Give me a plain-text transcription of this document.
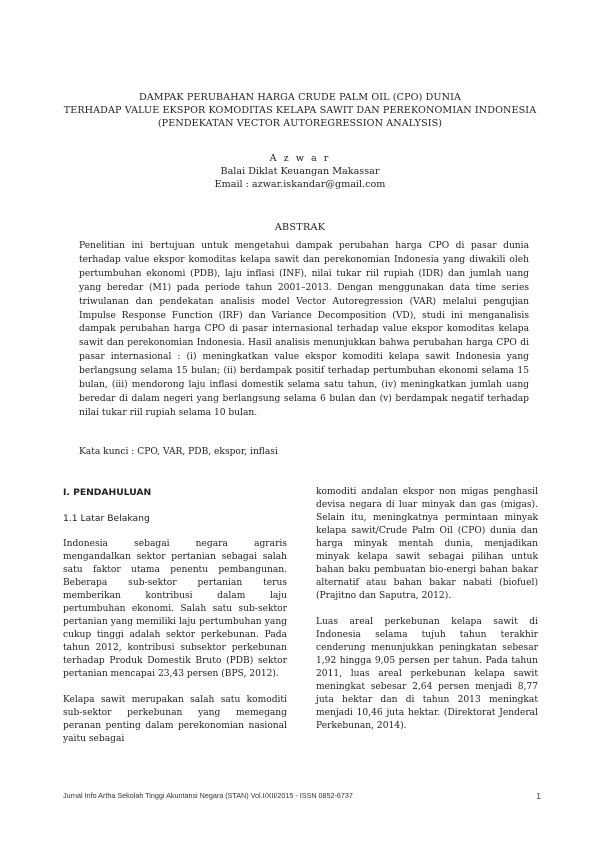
DAMPAK PERUBAHAN HARGA CRUDE PALM OIL (CPO) DUNIA
TERHADAP VALUE EKSPOR KOMODITAS KELAPA SAWIT DAN PEREKONOMIAN INDONESIA
(PENDEKATAN VECTOR AUTOREGRESSION ANALYSIS)
A z w a r
Balai Diklat Keuangan Makassar
Email : azwar.iskandar@gmail.com
ABSTRAK

Penelitian ini bertujuan untuk mengetahui dampak perubahan harga CPO di pasar dunia terhadap value ekspor komoditas kelapa sawit dan perekonomian Indonesia yang diwakili oleh pertumbuhan ekonomi (PDB), laju inflasi (INF), nilai tukar riil rupiah (IDR) dan jumlah uang yang beredar (M1) pada periode tahun 2001–2013. Dengan menggunakan data time series triwulanan dan pendekatan analisis model Vector Autoregression (VAR) melalui pengujian Impulse Response Function (IRF) dan Variance Decomposition (VD), studi ini menganalisis dampak perubahan harga CPO di pasar internasional terhadap value ekspor komoditas kelapa sawit dan perekonomian Indonesia. Hasil analisis menunjukkan bahwa perubahan harga CPO di pasar internasional : (i) meningkatkan value ekspor komoditi kelapa sawit Indonesia yang berlangsung selama 15 bulan; (ii) berdampak positif terhadap pertumbuhan ekonomi selama 15 bulan, (iii) mendorong laju inflasi domestik selama satu tahun, (iv) meningkatkan jumlah uang beredar di dalam negeri yang berlangsung selama 6 bulan dan (v) berdampak negatif terhadap nilai tukar riil rupiah selama 10 bulan.

Kata kunci : CPO, VAR, PDB, ekspor, inflasi
I. PENDAHULUAN
1.1 Latar Belakang

Indonesia sebagai negara agraris mengandalkan sektor pertanian sebagai salah satu faktor utama penentu pembangunan. Beberapa sub-sektor pertanian terus memberikan kontribusi dalam laju pertumbuhan ekonomi. Salah satu sub-sektor pertanian yang memiliki laju pertumbuhan yang cukup tinggi adalah sektor perkebunan. Pada tahun 2012, kontribusi subsektor perkebunan terhadap Produk Domestik Bruto (PDB) sektor pertanian mencapai 23,43 persen (BPS, 2012).

Kelapa sawit merupakan salah satu komoditi sub-sektor perkebunan yang memegang peranan penting dalam perekonomian nasional yaitu sebagai

komoditi andalan ekspor non migas penghasil devisa negara di luar minyak dan gas (migas). Selain itu, meningkatnya permintaan minyak kelapa sawit/Crude Palm Oil (CPO) dunia dan harga minyak mentah dunia, menjadikan minyak kelapa sawit sebagai pilihan untuk bahan baku pembuatan bio-energi bahan bakar alternatif atau bahan bakar nabati (biofuel) (Prajitno dan Saputra, 2012).

Luas areal perkebunan kelapa sawit di Indonesia selama tujuh tahun terakhir cenderung menunjukkan peningkatan sebesar 1,92 hingga 9,05 persen per tahun. Pada tahun 2011, luas areal perkebunan kelapa sawit meningkat sebesar 2,64 persen menjadi 8,77 juta hektar dan di tahun 2013 meningkat menjadi 10,46 juta hektar. (Direktorat Jenderal Perkebunan, 2014).

Jurnal Info Artha Sekolah Tinggi Akuntansi Negara (STAN) Vol.I/XII/2015 - ISSN 0852-6737	1
